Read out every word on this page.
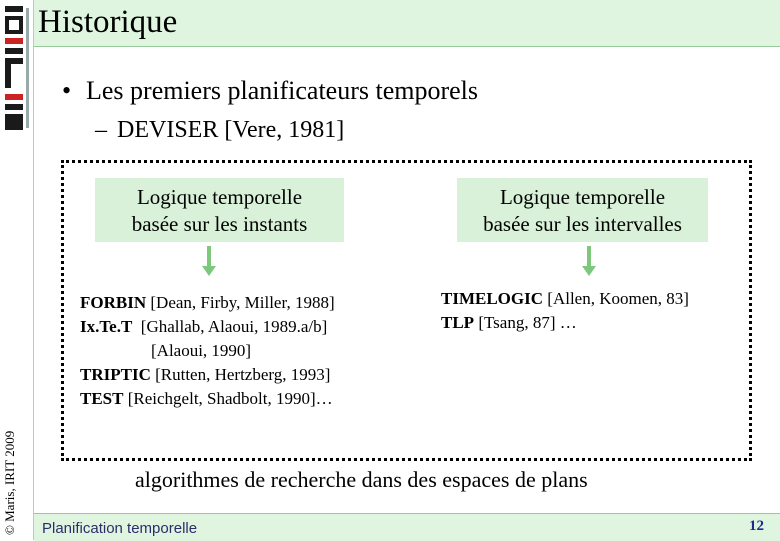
© Maris, IRIT 2009
Historique
• Les premiers planificateurs temporels
– DEVISER [Vere, 1981]
Logique temporelle
basée sur les instants
Logique temporelle
basée sur les intervalles
FORBIN [Dean, Firby, Miller, 1988]
Ix.Te.T  [Ghallab, Alaoui, 1989.a/b]
[Alaoui, 1990]
TRIPTIC [Rutten, Hertzberg, 1993]
TEST [Reichgelt, Shadbolt, 1990]…
TIMELOGIC [Allen, Koomen, 83]
TLP [Tsang, 87] …
algorithmes de recherche dans des espaces de plans
Planification temporelle	12
